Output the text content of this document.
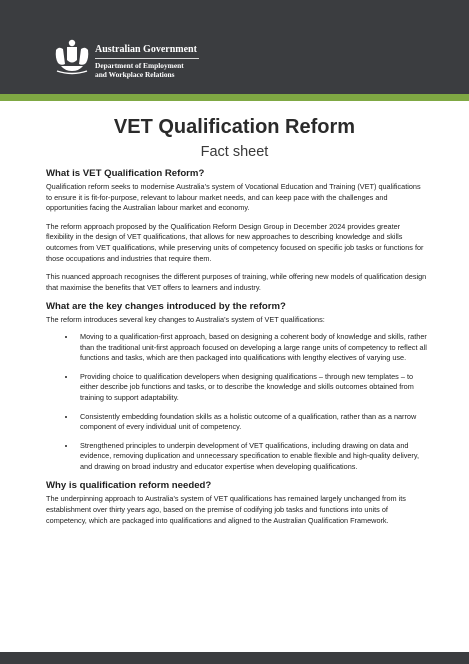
Australian Government
Department of Employment
and Workplace Relations
VET Qualification Reform
Fact sheet
What is VET Qualification Reform?

Qualification reform seeks to modernise Australia’s system of Vocational Education and Training (VET) qualifications to ensure it is fit-for-purpose, relevant to labour market needs, and can keep pace with the challenges and opportunities facing the Australian labour market and economy.

The reform approach proposed by the Qualification Reform Design Group in December 2024 provides greater flexibility in the design of VET qualifications, that allows for new approaches to describing knowledge and skills outcomes from VET qualifications, while preserving units of competency focused on specific job tasks or functions for those occupations and industries that require them.

This nuanced approach recognises the different purposes of training, while offering new models of qualification design that maximise the benefits that VET offers to learners and industry.

What are the key changes introduced by the reform?

The reform introduces several key changes to Australia’s system of VET qualifications:

• Moving to a qualification-first approach, based on designing a coherent body of knowledge and skills, rather than the traditional unit-first approach focused on developing a large range units of competency to reflect all functions and tasks, which are then packaged into qualifications with lengthy electives of varying use.
• Providing choice to qualification developers when designing qualifications – through new templates – to either describe job functions and tasks, or to describe the knowledge and skills outcomes obtained from training to support adaptability.
• Consistently embedding foundation skills as a holistic outcome of a qualification, rather than as a narrow component of every individual unit of competency.
• Strengthened principles to underpin development of VET qualifications, including drawing on data and evidence, removing duplication and unnecessary specification to enable flexible and high-quality delivery, and drawing on broad industry and educator expertise when developing qualifications.
Why is qualification reform needed?

The underpinning approach to Australia’s system of VET qualifications has remained largely unchanged from its establishment over thirty years ago, based on the premise of codifying job tasks and functions into units of competency, which are packaged into qualifications and aligned to the Australian Qualification Framework.
